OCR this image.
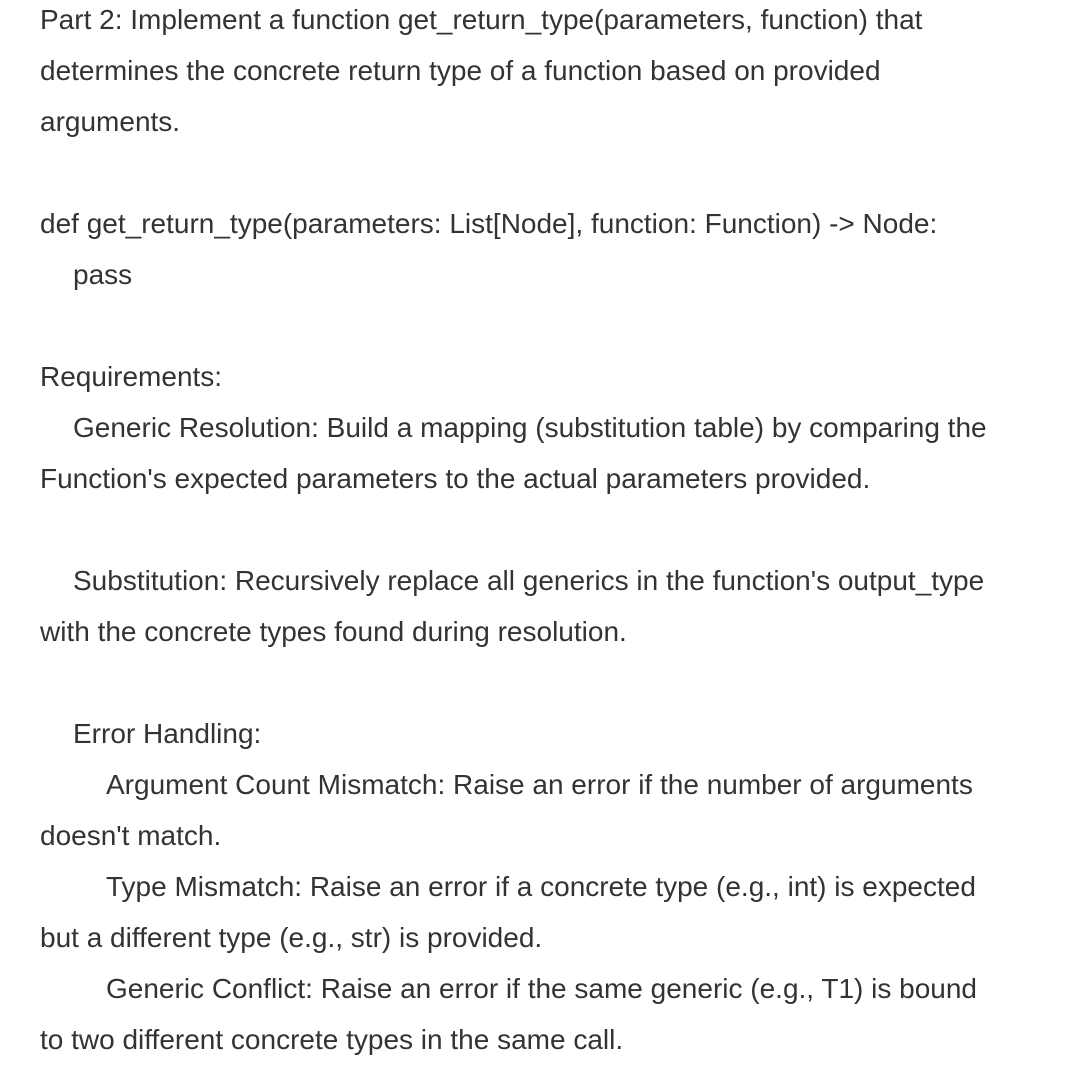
Part 2: Implement a function get_return_type(parameters, function) that
determines the concrete return type of a function based on provided
arguments.
def get_return_type(parameters: List[Node], function: Function) -> Node:
pass
Requirements:
Generic Resolution: Build a mapping (substitution table) by comparing the
Function's expected parameters to the actual parameters provided.
Substitution: Recursively replace all generics in the function's output_type
with the concrete types found during resolution.
Error Handling:
Argument Count Mismatch: Raise an error if the number of arguments
doesn't match.
Type Mismatch: Raise an error if a concrete type (e.g., int) is expected
but a different type (e.g., str) is provided.
Generic Conflict: Raise an error if the same generic (e.g., T1) is bound
to two different concrete types in the same call.
